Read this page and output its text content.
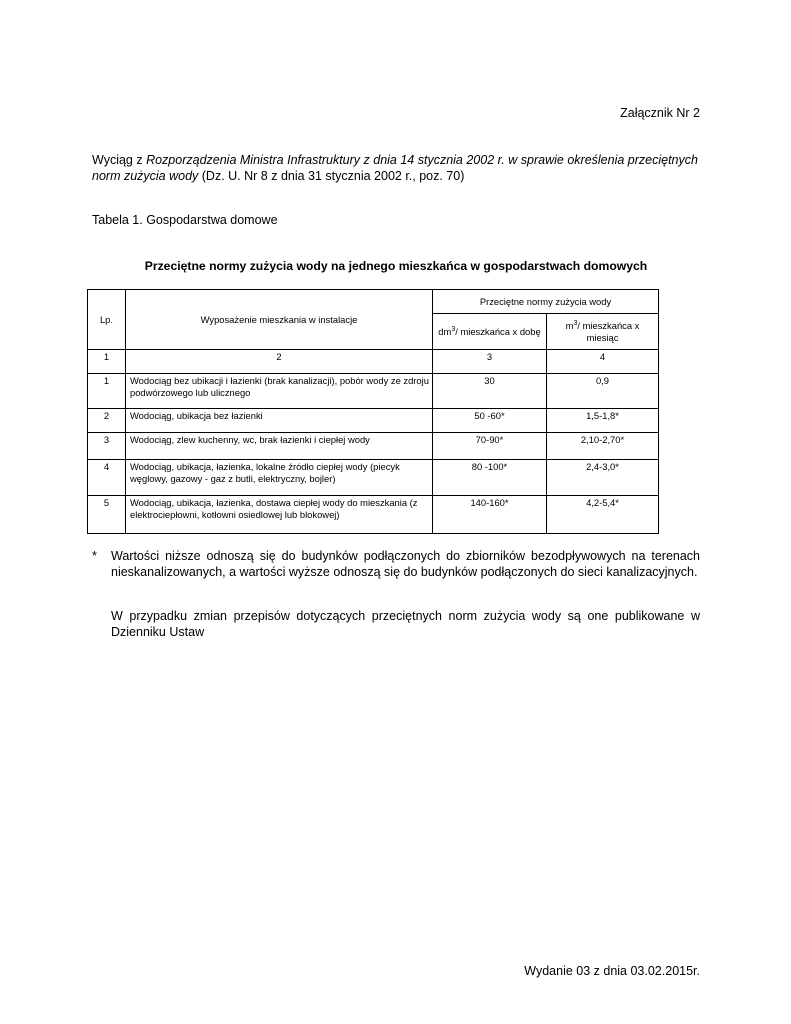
Załącznik Nr 2
Wyciąg z Rozporządzenia Ministra Infrastruktury z dnia 14 stycznia 2002 r. w sprawie określenia przeciętnych norm zużycia wody (Dz. U. Nr 8 z dnia 31 stycznia 2002 r., poz. 70)
Tabela 1. Gospodarstwa domowe
Przeciętne normy zużycia wody na jednego mieszkańca w gospodarstwach domowych
Lp.	Wyposażenie mieszkania w instalacje	Przeciętne normy zużycia wody	
		$dm^3/$ mieszkańca x dobę	$m^3/$ mieszkańca x miesiąc
1	2	3	4
1	Wodociąg bez ubikacji i łazienki (brak kanalizacji), pobór wody ze zdroju podwórzowego lub ulicznego	30	0,9
2	Wodociąg, ubikacja bez łazienki	50 -60*	1,5-1,8*
3	Wodociąg, zlew kuchenny, wc, brak łazienki i ciepłej wody	70-90*	2,10-2,70*
4	Wodociąg, ubikacja, łazienka, lokalne źródło ciepłej wody (piecyk węglowy, gazowy - gaz z butli, elektryczny, bojler)	80 -100*	2,4-3,0*
5	Wodociąg, ubikacja, łazienka, dostawa ciepłej wody do mieszkania (z elektrociepłowni, kotłowni osiedlowej lub blokowej)	140-160*	4,2-5,4*
* Wartości niższe odnoszą się do budynków podłączonych do zbiorników bezodpływowych na terenach nieskanalizowanych, a wartości wyższe odnoszą się do budynków podłączonych do sieci kanalizacyjnych.
W przypadku zmian przepisów dotyczących przeciętnych norm zużycia wody są one publikowane w Dzienniku Ustaw
Wydanie 03 z dnia 03.02.2015r.
